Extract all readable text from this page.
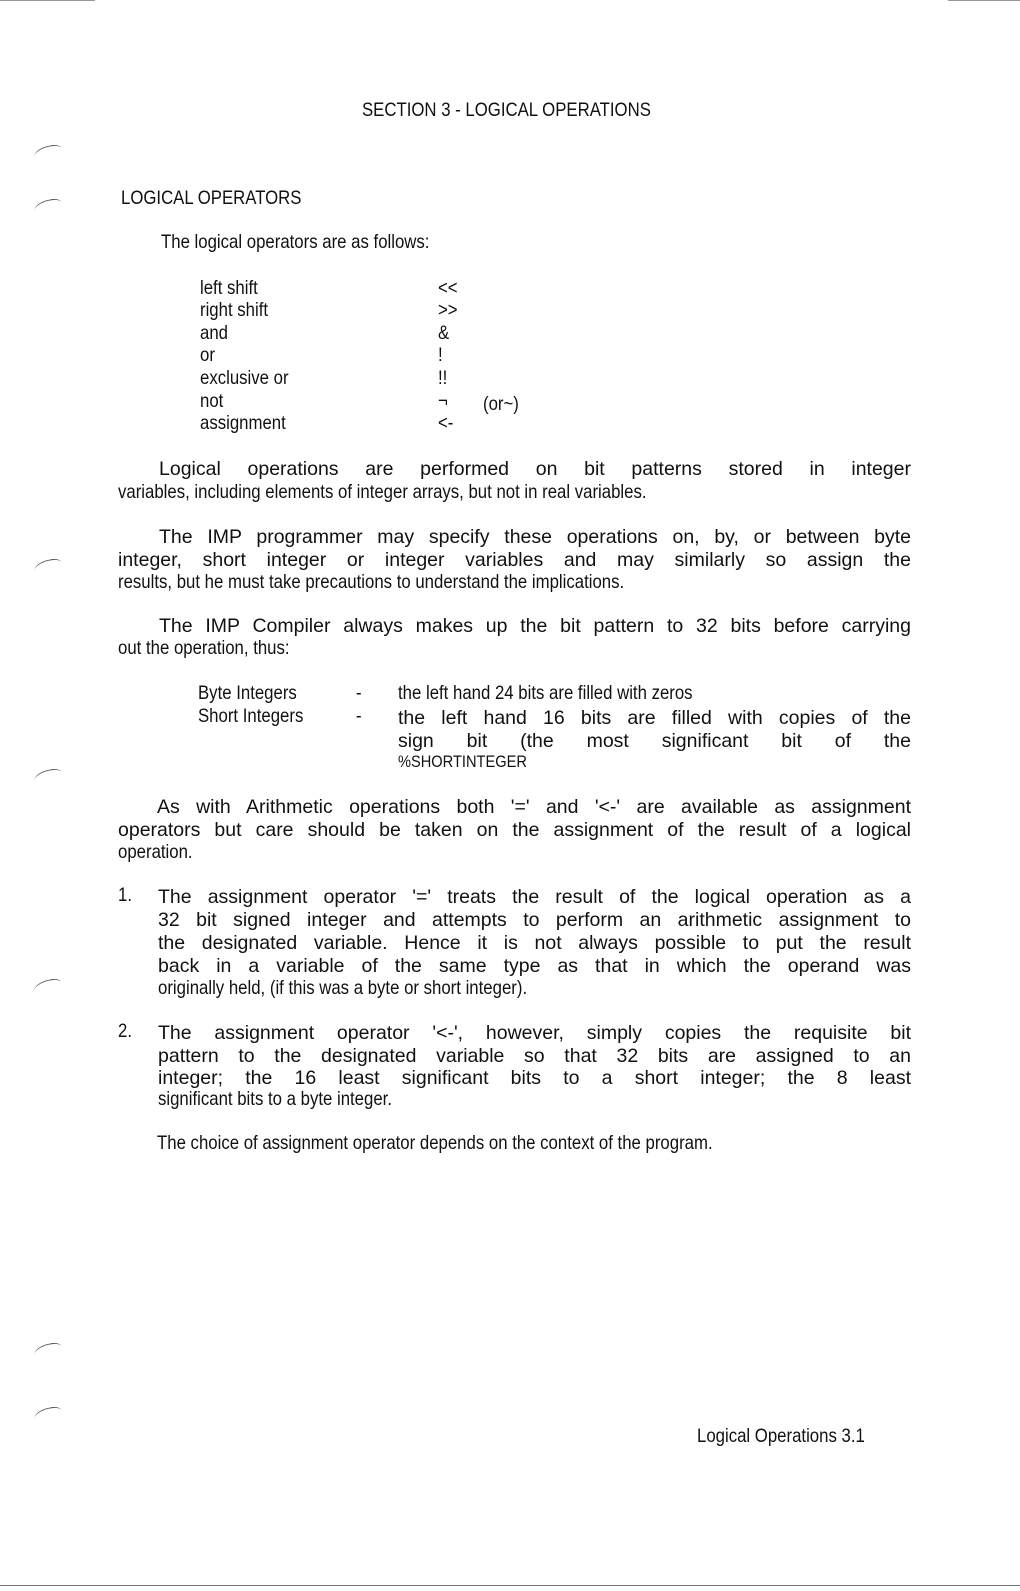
SECTION 3 - LOGICAL OPERATIONS
LOGICAL OPERATORS
The logical operators are as follows:
left shift	<<
right shift	>>
and	&
or	!
exclusive or	!!
not	¬ (or~)
assignment	<-
Logical operations are performed on bit patterns stored in integer
variables, including elements of integer arrays, but not in real variables.
The IMP programmer may specify these operations on, by, or between byte
integer, short integer or integer variables and may similarly so assign the
results, but he must take precautions to understand the implications.
The IMP Compiler always makes up the bit pattern to 32 bits before carrying
out the operation, thus:
Byte Integers	- the left hand 24 bits are filled with zeros
Short Integers	- the left hand 16 bits are filled with copies of the
sign bit (the most significant bit of the
%SHORTINTEGER
As with Arithmetic operations both '=' and '<-' are available as assignment
operators but care should be taken on the assignment of the result of a logical
operation.
1. The assignment operator '=' treats the result of the logical operation as a
32 bit signed integer and attempts to perform an arithmetic assignment to
the designated variable. Hence it is not always possible to put the result
back in a variable of the same type as that in which the operand was
originally held, (if this was a byte or short integer).
2. The assignment operator '<-', however, simply copies the requisite bit
pattern to the designated variable so that 32 bits are assigned to an
integer; the 16 least significant bits to a short integer; the 8 least
significant bits to a byte integer.
The choice of assignment operator depends on the context of the program.
Logical Operations 3.1
